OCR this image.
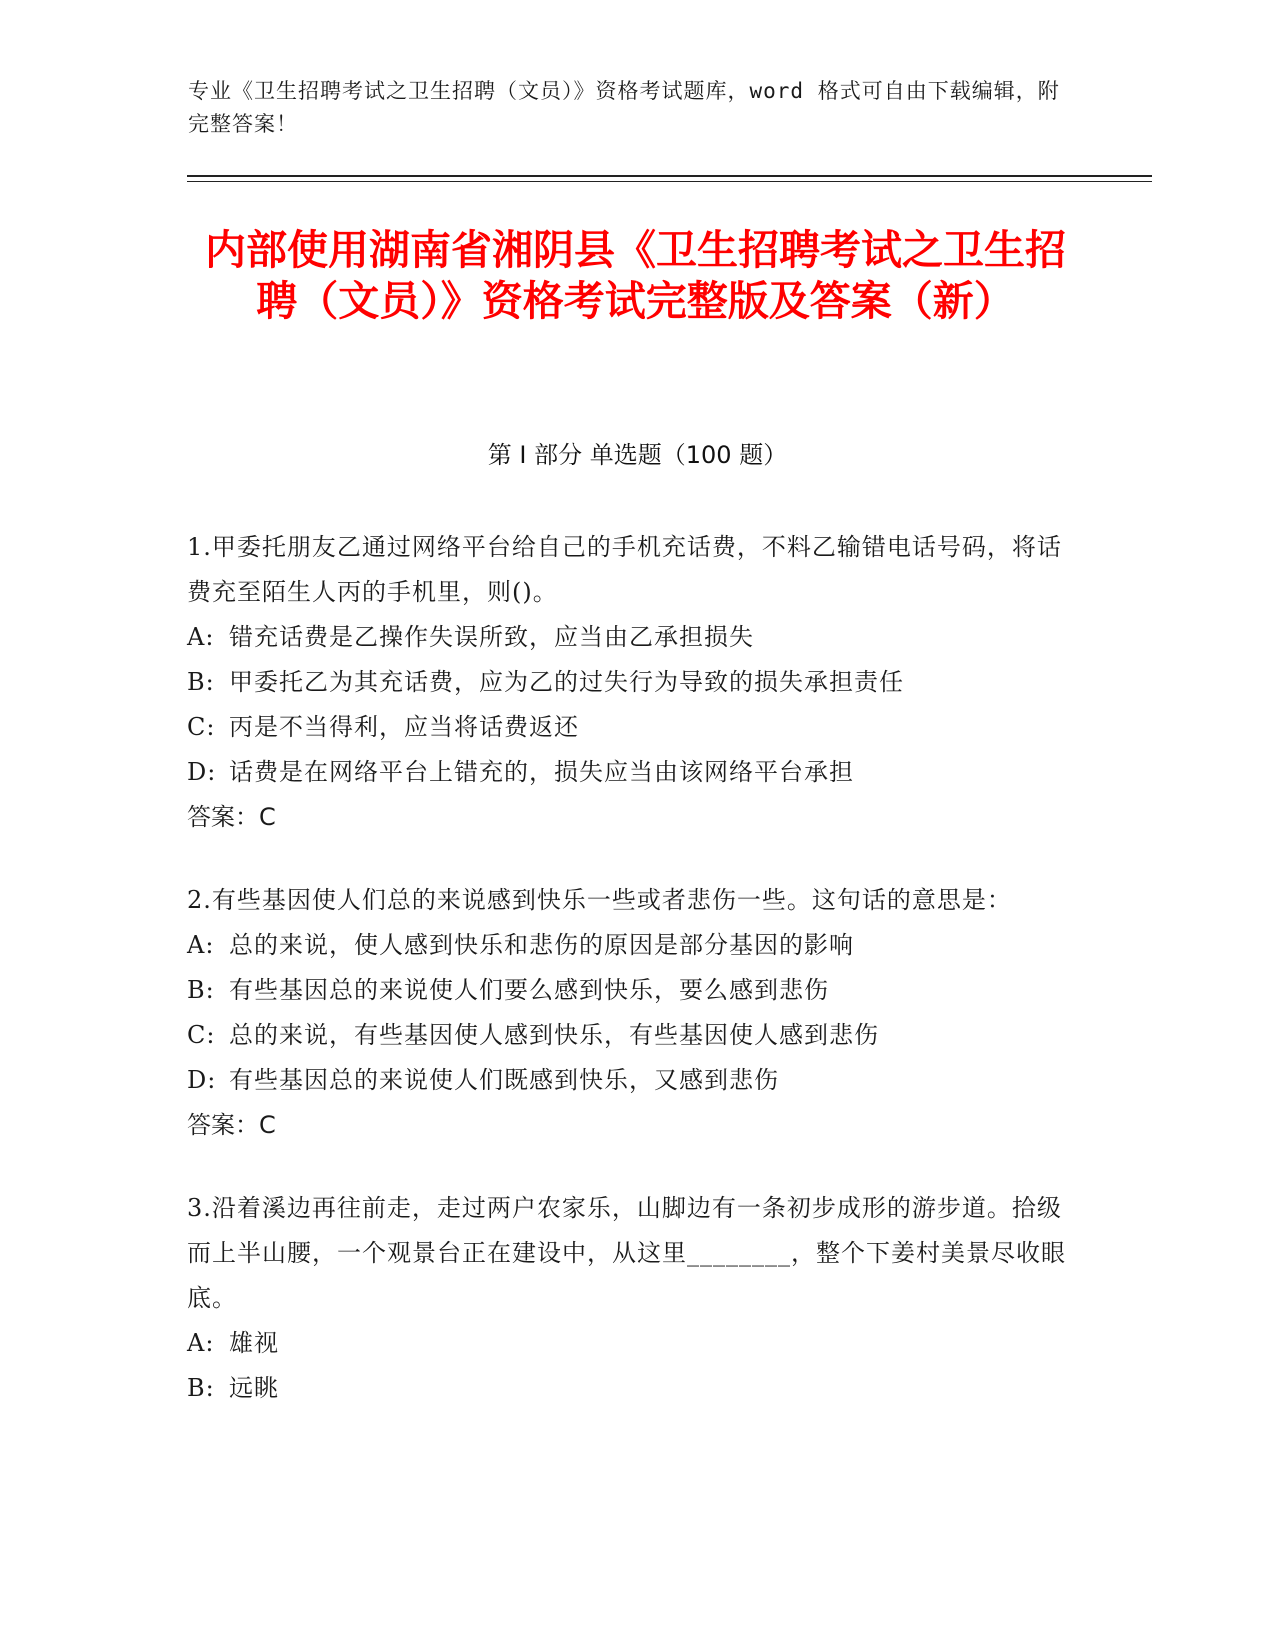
专业《卫生招聘考试之卫生招聘（文员）》资格考试题库，word 格式可自由下载编辑，附完整答案！
内部使用湖南省湘阴县《卫生招聘考试之卫生招聘（文员）》资格考试完整版及答案（新）
第 I 部分 单选题（100 题）
1.甲委托朋友乙通过网络平台给自己的手机充话费，不料乙输错电话号码，将话费充至陌生人丙的手机里，则()。
A: 错充话费是乙操作失误所致，应当由乙承担损失
B: 甲委托乙为其充话费，应为乙的过失行为导致的损失承担责任
C: 丙是不当得利，应当将话费返还
D: 话费是在网络平台上错充的，损失应当由该网络平台承担
答案：C
2.有些基因使人们总的来说感到快乐一些或者悲伤一些。这句话的意思是：
A: 总的来说，使人感到快乐和悲伤的原因是部分基因的影响
B: 有些基因总的来说使人们要么感到快乐，要么感到悲伤
C: 总的来说，有些基因使人感到快乐，有些基因使人感到悲伤
D: 有些基因总的来说使人们既感到快乐，又感到悲伤
答案：C
3.沿着溪边再往前走，走过两户农家乐，山脚边有一条初步成形的游步道。拾级而上半山腰，一个观景台正在建设中，从这里________，整个下姜村美景尽收眼底。
A: 雄视
B: 远眺
